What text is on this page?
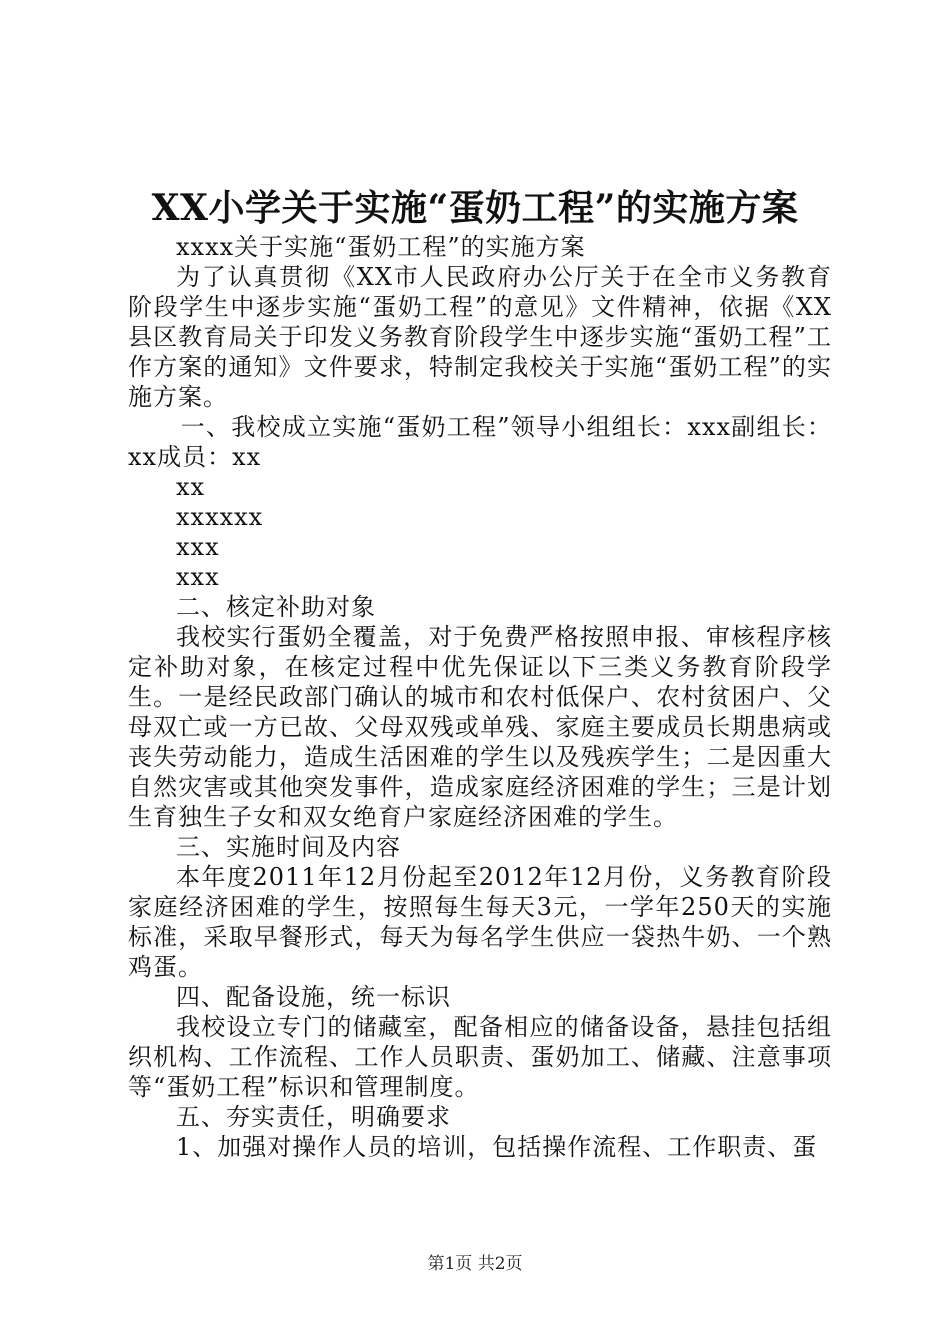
XX小学关于实施“蛋奶工程”的实施方案

xxxx关于实施“蛋奶工程”的实施方案

为了认真贯彻《XX市人民政府办公厅关于在全市义务教育阶段学生中逐步实施“蛋奶工程”的意见》文件精神，依据《XX县区教育局关于印发义务教育阶段学生中逐步实施“蛋奶工程”工作方案的通知》文件要求，特制定我校关于实施“蛋奶工程”的实施方案。

一、我校成立实施“蛋奶工程”领导小组组长：xxx副组长：xx成员：xx

xx

xxxxxx

xxx

xxx

二、核定补助对象

我校实行蛋奶全覆盖，对于免费严格按照申报、审核程序核定补助对象，在核定过程中优先保证以下三类义务教育阶段学生。一是经民政部门确认的城市和农村低保户、农村贫困户、父母双亡或一方已故、父母双残或单残、家庭主要成员长期患病或丧失劳动能力，造成生活困难的学生以及残疾学生；二是因重大自然灾害或其他突发事件，造成家庭经济困难的学生；三是计划生育独生子女和双女绝育户家庭经济困难的学生。

三、实施时间及内容

本年度2011年12月份起至2012年12月份，义务教育阶段家庭经济困难的学生，按照每生每天3元，一学年250天的实施标准，采取早餐形式，每天为每名学生供应一袋热牛奶、一个熟鸡蛋。

四、配备设施，统一标识

我校设立专门的储藏室，配备相应的储备设备，悬挂包括组织机构、工作流程、工作人员职责、蛋奶加工、储藏、注意事项等“蛋奶工程”标识和管理制度。

五、夯实责任，明确要求

1、加强对操作人员的培训，包括操作流程、工作职责、蛋

第1页 共2页
